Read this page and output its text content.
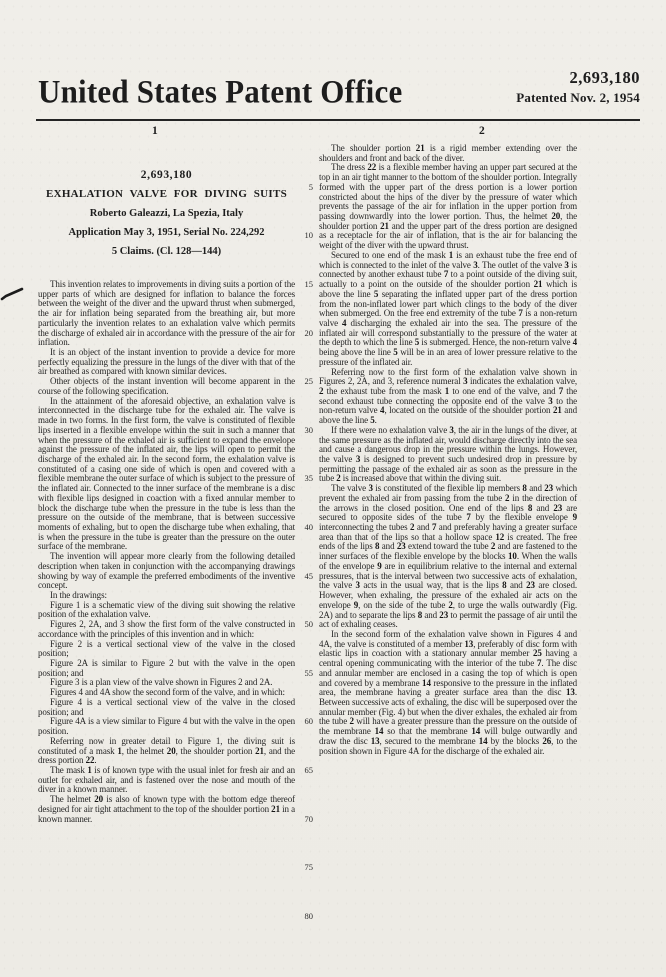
United States Patent Office	2,693,180
Patented Nov. 2, 1954
1	2
2,693,180
EXHALATION VALVE FOR DIVING SUITS
Roberto Galeazzi, La Spezia, Italy
Application May 3, 1951, Serial No. 224,292
5 Claims. (Cl. 128—144)

This invention relates to improvements in diving suits a portion of the upper parts of which are designed for inflation to balance the forces between the weight of the diver and the upward thrust when submerged, the air for inflation being separated from the breathing air, but more particularly the invention relates to an exhalation valve which permits the discharge of exhaled air in accordance with the pressure of the air for inflation.

It is an object of the instant invention to provide a device for more perfectly equalizing the pressure in the lungs of the diver with that of the air breathed as compared with known similar devices.

Other objects of the instant invention will become apparent in the course of the following specification.

In the attainment of the aforesaid objective, an exhalation valve is interconnected in the discharge tube for the exhaled air. The valve is made in two forms. In the first form, the valve is constituted of flexible lips inserted in a flexible envelope within the suit in such a manner that when the pressure of the exhaled air is sufficient to expand the envelope against the pressure of the inflated air, the lips will open to permit the discharge of the exhaled air. In the second form, the exhalation valve is constituted of a casing one side of which is open and covered with a flexible membrane the outer surface of which is subject to the pressure of the inflated air. Connected to the inner surface of the membrane is a disc with flexible lips designed in coaction with a fixed annular member to block the discharge tube when the pressure in the tube is less than the pressure on the outside of the membrane, that is between successive moments of exhaling, but to open the discharge tube when exhaling, that is when the pressure in the tube is greater than the pressure on the outer surface of the membrane.

The invention will appear more clearly from the following detailed description when taken in conjunction with the accompanying drawings showing by way of example the preferred embodiments of the inventive concept.

In the drawings:

Figure 1 is a schematic view of the diving suit showing the relative position of the exhalation valve.

Figures 2, 2A, and 3 show the first form of the valve constructed in accordance with the principles of this invention and in which:

Figure 2 is a vertical sectional view of the valve in the closed position;

Figure 2A is similar to Figure 2 but with the valve in the open position; and

Figure 3 is a plan view of the valve shown in Figures 2 and 2A.

Figures 4 and 4A show the second form of the valve, and in which:

Figure 4 is a vertical sectional view of the valve in the closed position; and

Figure 4A is a view similar to Figure 4 but with the valve in the open position.

Referring now in greater detail to Figure 1, the diving suit is constituted of a mask 1, the helmet 20, the shoulder portion 21, and the dress portion 22.

The mask 1 is of known type with the usual inlet for fresh air and an outlet for exhaled air, and is fastened over the nose and mouth of the diver in a known manner.

The helmet 20 is also of known type with the bottom edge thereof designed for air tight attachment to the top of the shoulder portion 21 in a known manner.

The shoulder portion 21 is a rigid member extending over the shoulders and front and back of the diver.

The dress 22 is a flexible member having an upper part secured at the top in an air tight manner to the bottom of the shoulder portion. Integrally formed with the upper part of the dress portion is a lower portion constricted about the hips of the diver by the pressure of water which prevents the passage of the air for inflation in the upper portion from passing downwardly into the lower portion. Thus, the helmet 20, the shoulder portion 21 and the upper part of the dress portion are designed as a receptacle for the air of inflation, that is the air for balancing the weight of the diver with the upward thrust.

Secured to one end of the mask 1 is an exhaust tube the free end of which is connected to the inlet of the valve 3. The outlet of the valve 3 is connected by another exhaust tube 7 to a point outside of the diving suit, actually to a point on the outside of the shoulder portion 21 which is above the line 5 separating the inflated upper part of the dress portion from the non-inflated lower part which clings to the body of the diver when submerged. On the free end extremity of the tube 7 is a non-return valve 4 discharging the exhaled air into the sea. The pressure of the inflated air will correspond substantially to the pressure of the water at the depth to which the line 5 is submerged. Hence, the non-return valve 4 being above the line 5 will be in an area of lower pressure relative to the pressure of the inflated air.

Referring now to the first form of the exhalation valve shown in Figures 2, 2A, and 3, reference numeral 3 indicates the exhalation valve, 2 the exhaust tube from the mask 1 to one end of the valve, and 7 the second exhaust tube connecting the opposite end of the valve 3 to the non-return valve 4, located on the outside of the shoulder portion 21 and above the line 5.

If there were no exhalation valve 3, the air in the lungs of the diver, at the same pressure as the inflated air, would discharge directly into the sea and cause a dangerous drop in the pressure within the lungs. However, the valve 3 is designed to prevent such undesired drop in pressure by permitting the passage of the exhaled air as soon as the pressure in the tube 2 is increased above that within the diving suit.

The valve 3 is constituted of the flexible lip members 8 and 23 which prevent the exhaled air from passing from the tube 2 in the direction of the arrows in the closed position. One end of the lips 8 and 23 are secured to opposite sides of the tube 7 by the flexible envelope 9 interconnecting the tubes 2 and 7 and preferably having a greater surface area than that of the lips so that a hollow space 12 is created. The free ends of the lips 8 and 23 extend toward the tube 2 and are fastened to the inner surfaces of the flexible envelope by the blocks 10. When the walls of the envelope 9 are in equilibrium relative to the internal and external pressures, that is the interval between two successive acts of exhalation, the valve 3 acts in the usual way, that is the lips 8 and 23 are closed. However, when exhaling, the pressure of the exhaled air acts on the envelope 9, on the side of the tube 2, to urge the walls outwardly (Fig. 2A) and to separate the lips 8 and 23 to permit the passage of air until the act of exhaling ceases.

In the second form of the exhalation valve shown in Figures 4 and 4A, the valve is constituted of a member 13, preferably of disc form with elastic lips in coaction with a stationary annular member 25 having a central opening communicating with the interior of the tube 7. The disc and annular member are enclosed in a casing the top of which is open and covered by a membrane 14 responsive to the pressure in the inflated area, the membrane having a greater surface area than the disc 13. Between successive acts of exhaling, the disc will be superposed over the annular member (Fig. 4) but when the diver exhales, the exhaled air from the tube 2 will have a greater pressure than the pressure on the outside of the membrane 14 so that the membrane 14 will bulge outwardly and draw the disc 13, secured to the membrane 14 by the blocks 26, to the position shown in Figure 4A for the discharge of the exhaled air.

5
10
15
20
25
30
35
40
45
50
55
60
65
70
75
80
